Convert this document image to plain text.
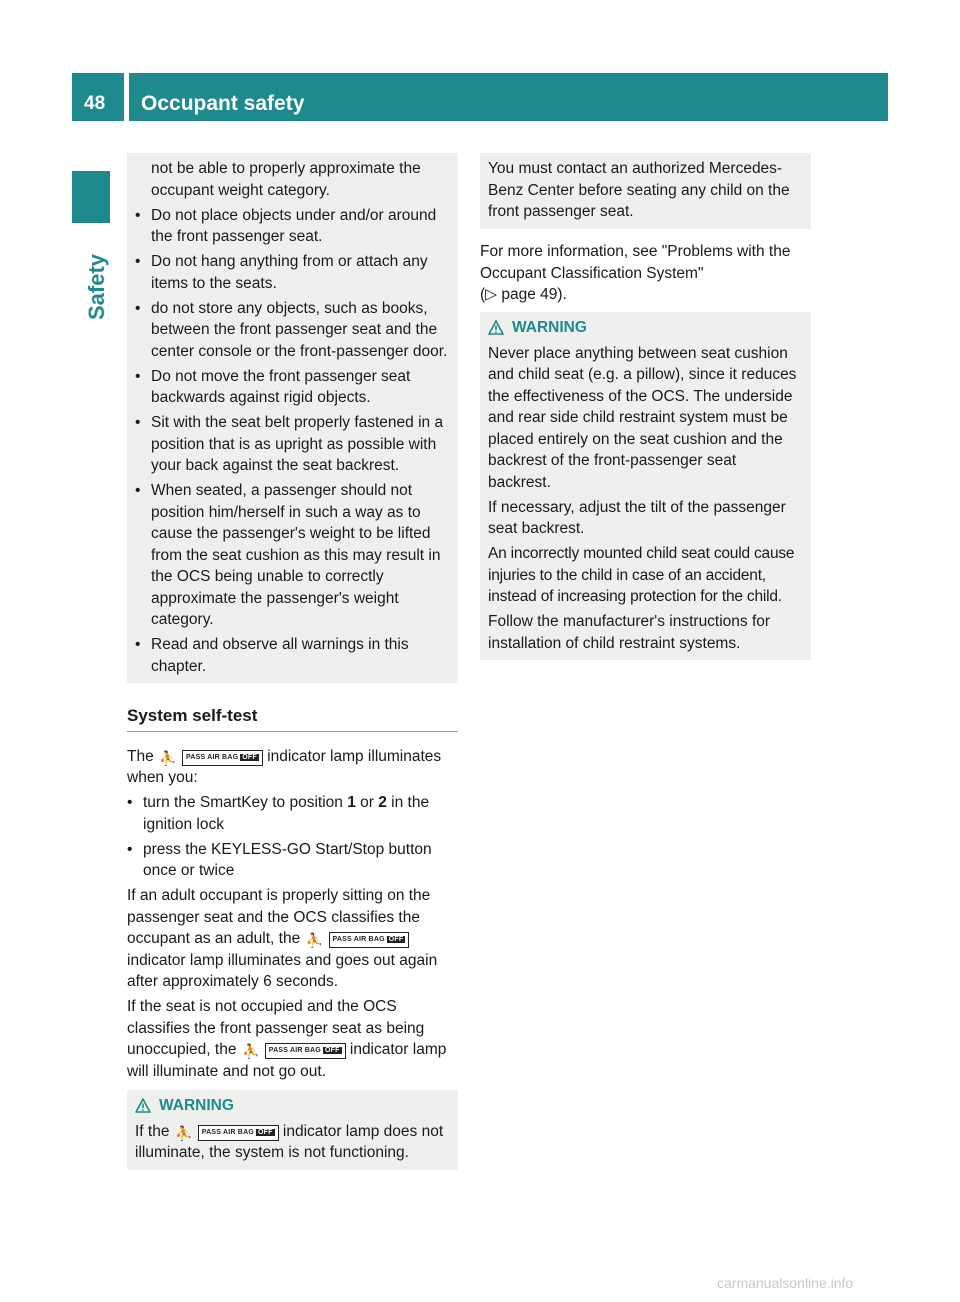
48	Occupant safety
Safety

not be able to properly approximate the occupant weight category.

• Do not place objects under and/or around the front passenger seat.
• Do not hang anything from or attach any items to the seats.
• do not store any objects, such as books, between the front passenger seat and the center console or the front-passenger door.
• Do not move the front passenger seat backwards against rigid objects.
• Sit with the seat belt properly fastened in a position that is as upright as possible with your back against the seat backrest.
• When seated, a passenger should not position him/herself in such a way as to cause the passenger's weight to be lifted from the seat cushion as this may result in the OCS being unable to correctly approximate the passenger's weight category.
• Read and observe all warnings in this chapter.
System self-test

The ⛹	PASS AIR BAG OFF indicator lamp illuminates when you:

• turn the SmartKey to position 1 or 2 in the ignition lock
• press the KEYLESS-GO Start/Stop button once or twice

If an adult occupant is properly sitting on the passenger seat and the OCS classifies the occupant as an adult, the ⛹	PASS AIR BAG OFF
indicator lamp illuminates and goes out again after approximately 6 seconds.

If the seat is not occupied and the OCS classifies the front passenger seat as being unoccupied, the ⛹	PASS AIR BAG OFF indicator lamp will illuminate and not go out.

WARNING

If the ⛹	PASS AIR BAG OFF indicator lamp does not illuminate, the system is not functioning.

You must contact an authorized Mercedes-Benz Center before seating any child on the front passenger seat.

For more information, see "Problems with the Occupant Classification System"
(▷ page 49).

WARNING

Never place anything between seat cushion and child seat (e.g. a pillow), since it reduces the effectiveness of the OCS. The underside and rear side child restraint system must be placed entirely on the seat cushion and the backrest of the front-passenger seat backrest.

If necessary, adjust the tilt of the passenger seat backrest.

An incorrectly mounted child seat could cause injuries to the child in case of an accident, instead of increasing protection for the child.

Follow the manufacturer's instructions for installation of child restraint systems.

carmanualsonline.info
